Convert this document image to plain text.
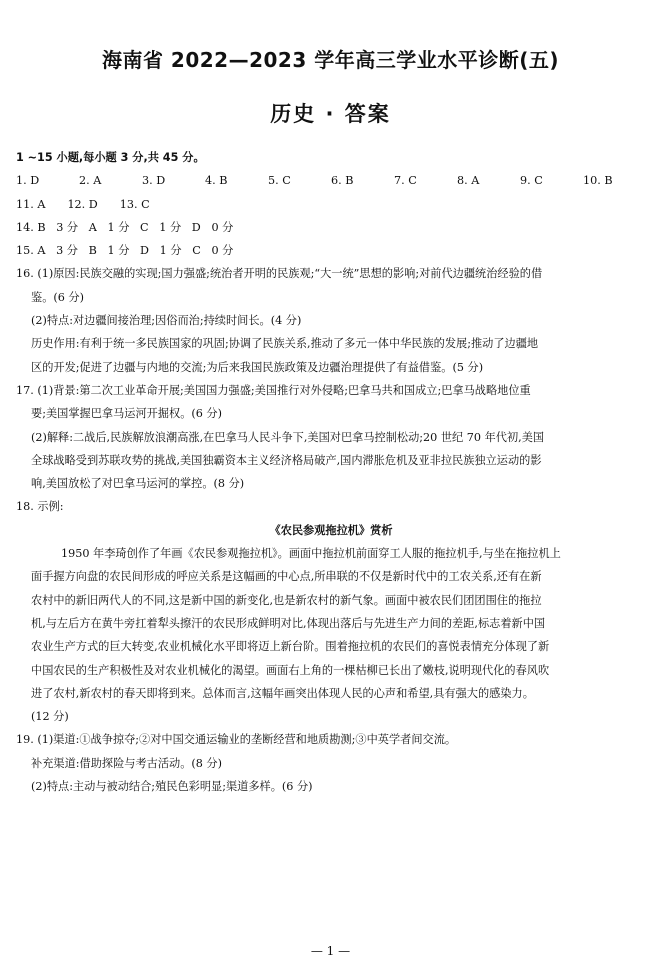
海南省 2022—2023 学年高三学业水平诊断(五)
历史 · 答案
1 ~15 小题,每小题 3 分,共 45 分。
1. D	2. A	3. D	4. B	5. C	6. B	7. C	8. A	9. C	10. B
11. A 12. D 13. C
14. B   3 分   A   1 分   C   1 分   D   0 分
15. A   3 分   B   1 分   D   1 分   C   0 分
16. (1)原因:民族交融的实现;国力强盛;统治者开明的民族观;“大一统”思想的影响;对前代边疆统治经验的借
鉴。(6 分)
(2)特点:对边疆间接治理;因俗而治;持续时间长。(4 分)
历史作用:有利于统一多民族国家的巩固;协调了民族关系,推动了多元一体中华民族的发展;推动了边疆地
区的开发;促进了边疆与内地的交流;为后来我国民族政策及边疆治理提供了有益借鉴。(5 分)
17. (1)背景:第二次工业革命开展;美国国力强盛;美国推行对外侵略;巴拿马共和国成立;巴拿马战略地位重
要;美国掌握巴拿马运河开掘权。(6 分)
(2)解释:二战后,民族解放浪潮高涨,在巴拿马人民斗争下,美国对巴拿马控制松动;20 世纪 70 年代初,美国
全球战略受到苏联攻势的挑战,美国独霸资本主义经济格局破产,国内滞胀危机及亚非拉民族独立运动的影
响,美国放松了对巴拿马运河的掌控。(8 分)
18. 示例:
《农民参观拖拉机》赏析
1950 年李琦创作了年画《农民参观拖拉机》。画面中拖拉机前面穿工人服的拖拉机手,与坐在拖拉机上
面手握方向盘的农民间形成的呼应关系是这幅画的中心点,所串联的不仅是新时代中的工农关系,还有在新
农村中的新旧两代人的不同,这是新中国的新变化,也是新农村的新气象。画面中被农民们团团围住的拖拉
机,与左后方在黄牛旁扛着犁头擦汗的农民形成鲜明对比,体现出落后与先进生产力间的差距,标志着新中国
农业生产方式的巨大转变,农业机械化水平即将迈上新台阶。围着拖拉机的农民们的喜悦表情充分体现了新
中国农民的生产积极性及对农业机械化的渴望。画面右上角的一棵枯柳已长出了嫩枝,说明现代化的春风吹
进了农村,新农村的春天即将到来。总体而言,这幅年画突出体现人民的心声和希望,具有强大的感染力。
(12 分)
19. (1)渠道:①战争掠夺;②对中国交通运输业的垄断经营和地质勘测;③中英学者间交流。
补充渠道:借助探险与考古活动。(8 分)
(2)特点:主动与被动结合;殖民色彩明显;渠道多样。(6 分)
— 1 —
